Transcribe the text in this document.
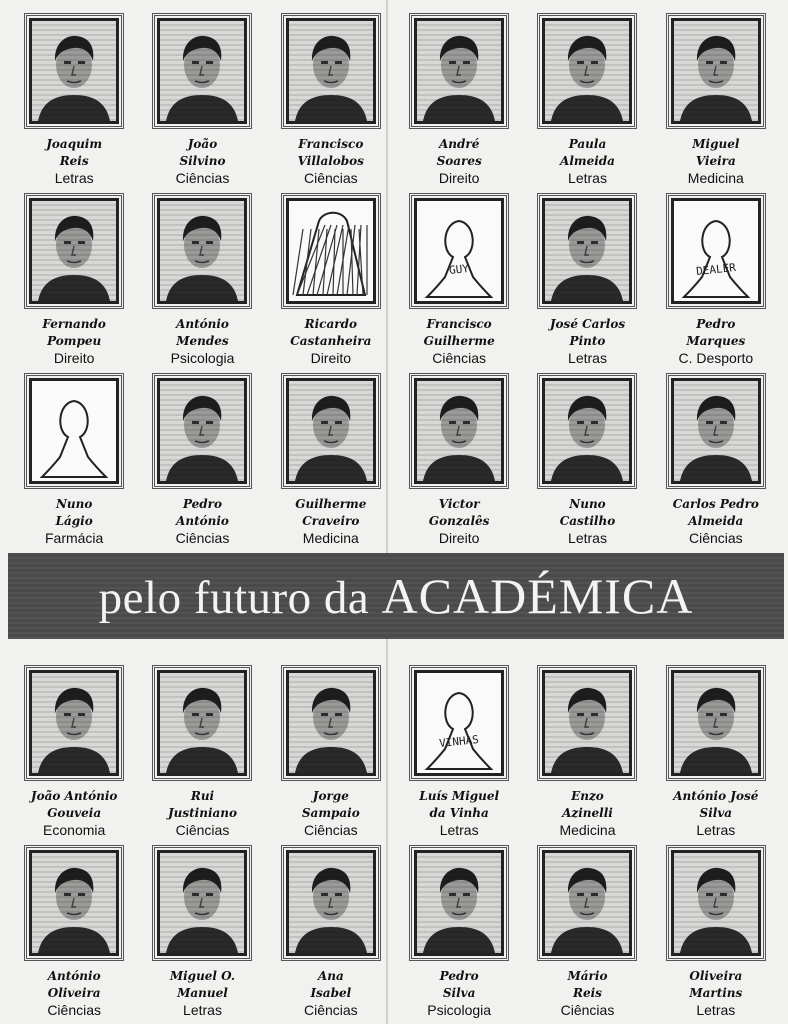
Joaquim
Reis
Letras
João
Silvino
Ciências
Francisco
Villalobos
Ciências
André
Soares
Direito
Paula
Almeida
Letras
Miguel
Vieira
Medicina
Fernando
Pompeu
Direito
António
Mendes
Psicologia
Ricardo
Castanheira
Direito
GUY
Francisco
Guilherme
Ciências
José Carlos
Pinto
Letras
DEALER
Pedro
Marques
C. Desporto
Nuno
Lágio
Farmácia
Pedro
António
Ciências
Guilherme
Craveiro
Medicina
Victor
Gonzalês
Direito
Nuno
Castilho
Letras
Carlos Pedro
Almeida
Ciências
pelo futuro da ACADÉMICA
João António
Gouveia
Economia
Rui
Justiniano
Ciências
Jorge
Sampaio
Ciências
VINHAS
Luís Miguel
da Vinha
Letras
Enzo
Azinelli
Medicina
António José
Silva
Letras
António
Oliveira
Ciências
Miguel O.
Manuel
Letras
Ana
Isabel
Ciências
Pedro
Silva
Psicologia
Mário
Reis
Ciências
Oliveira
Martins
Letras
